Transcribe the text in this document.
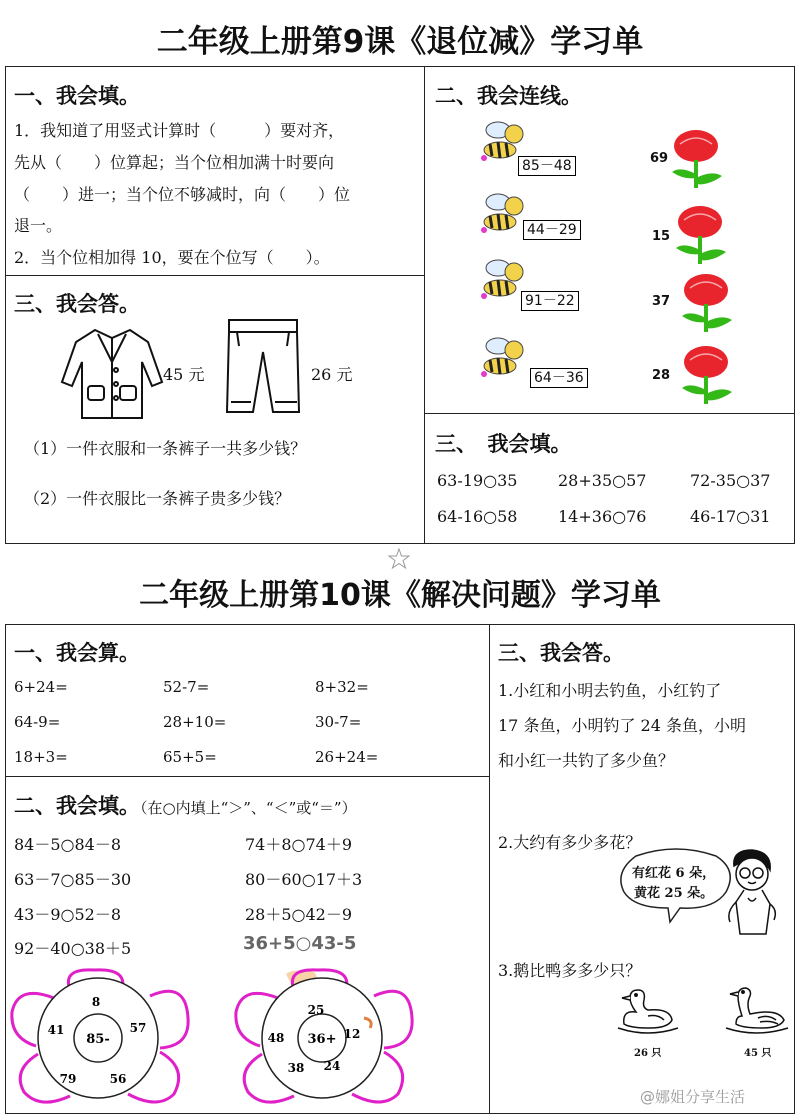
二年级上册第9课《退位减》学习单
一、我会填。
1．我知道了用竖式计算时（　　　）要对齐，
先从（　　）位算起；当个位相加满十时要向
（　　）进一；当个位不够减时，向（　　）位
退一。
2．当个位相加得 10，要在个位写（　　）。
三、我会答。
45 元	26 元
（1）一件衣服和一条裤子一共多少钱？
（2）一件衣服比一条裤子贵多少钱？
二、我会连线。
85－48
44－29
91－22
64－36
69
15
37
28
三、　我会填。
63-19○35	28+35○57	72-35○37
64-16○58	14+36○76	46-17○31
二年级上册第10课《解决问题》学习单
一、我会算。
6+24=	52-7=	8+32=
64-9=	28+10=	30-7=
18+3=	65+5=	26+24=
二、我会填。（在○内填上“＞”、“＜”或“＝”）
84－5○84－8	74＋8○74＋9
63－7○85－30	80－60○17＋3
43－9○52－8	28＋5○42－9
92－40○38＋5	36+5○43-5
85-
8
57
56
79
41
36+
25
12
24
38
48
三、我会答。
1.小红和小明去钓鱼，小红钓了
17 条鱼，小明钓了 24 条鱼，小明
和小红一共钓了多少鱼？
2.大约有多少多花？
有红花 6 朵，
黄花 25 朵。
3.鹅比鸭多多少只？
26 只	45 只
@娜姐分享生活
